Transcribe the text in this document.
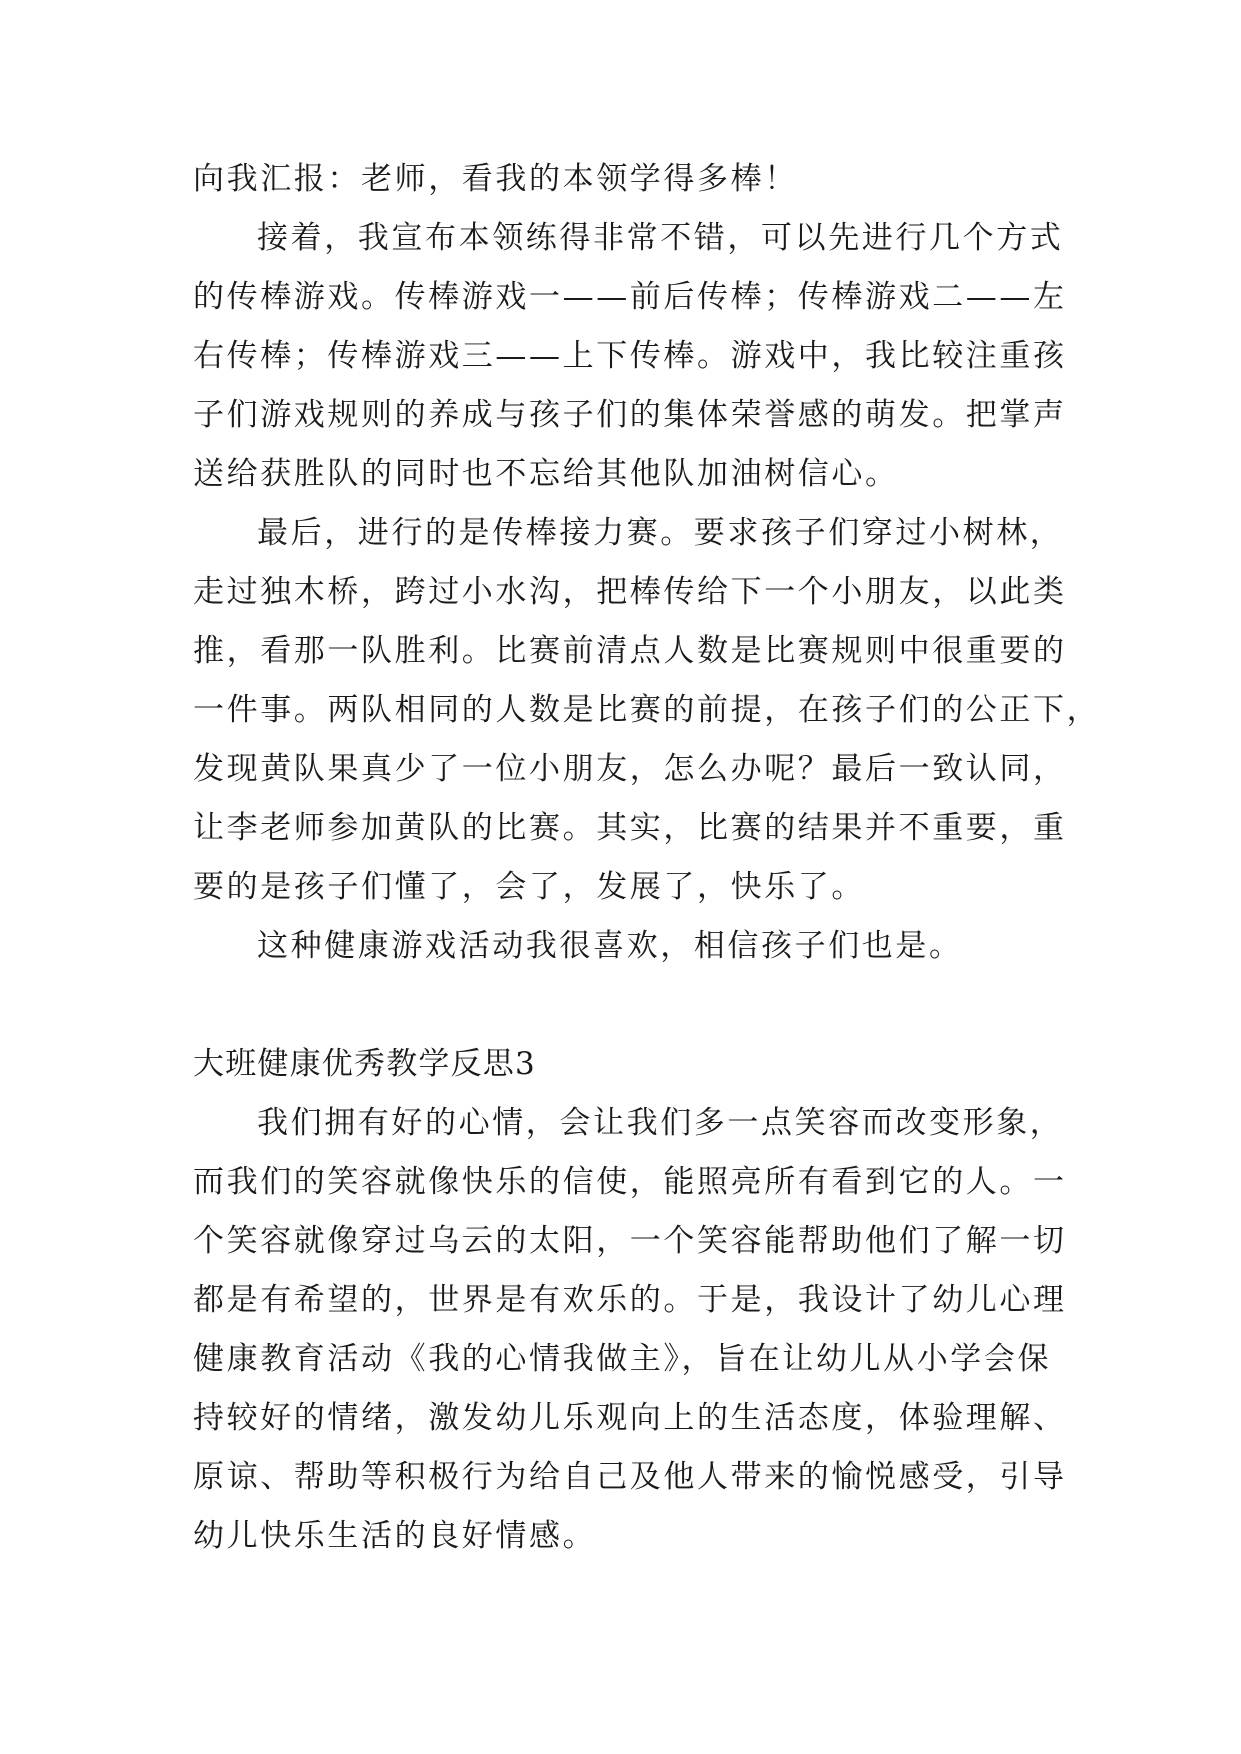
向我汇报：老师，看我的本领学得多棒！

接着，我宣布本领练得非常不错，可以先进行几个方式

的传棒游戏。传棒游戏一——前后传棒；传棒游戏二——左

右传棒；传棒游戏三——上下传棒。游戏中，我比较注重孩

子们游戏规则的养成与孩子们的集体荣誉感的萌发。把掌声

送给获胜队的同时也不忘给其他队加油树信心。

最后，进行的是传棒接力赛。要求孩子们穿过小树林，

走过独木桥，跨过小水沟，把棒传给下一个小朋友，以此类

推，看那一队胜利。比赛前清点人数是比赛规则中很重要的

一件事。两队相同的人数是比赛的前提，在孩子们的公正下，

发现黄队果真少了一位小朋友，怎么办呢？最后一致认同，

让李老师参加黄队的比赛。其实，比赛的结果并不重要，重

要的是孩子们懂了，会了，发展了，快乐了。

这种健康游戏活动我很喜欢，相信孩子们也是。

大班健康优秀教学反思3

我们拥有好的心情，会让我们多一点笑容而改变形象，

而我们的笑容就像快乐的信使，能照亮所有看到它的人。一

个笑容就像穿过乌云的太阳，一个笑容能帮助他们了解一切

都是有希望的，世界是有欢乐的。于是，我设计了幼儿心理

健康教育活动《我的心情我做主》，旨在让幼儿从小学会保

持较好的情绪，激发幼儿乐观向上的生活态度，体验理解、

原谅、帮助等积极行为给自己及他人带来的愉悦感受，引导

幼儿快乐生活的良好情感。
